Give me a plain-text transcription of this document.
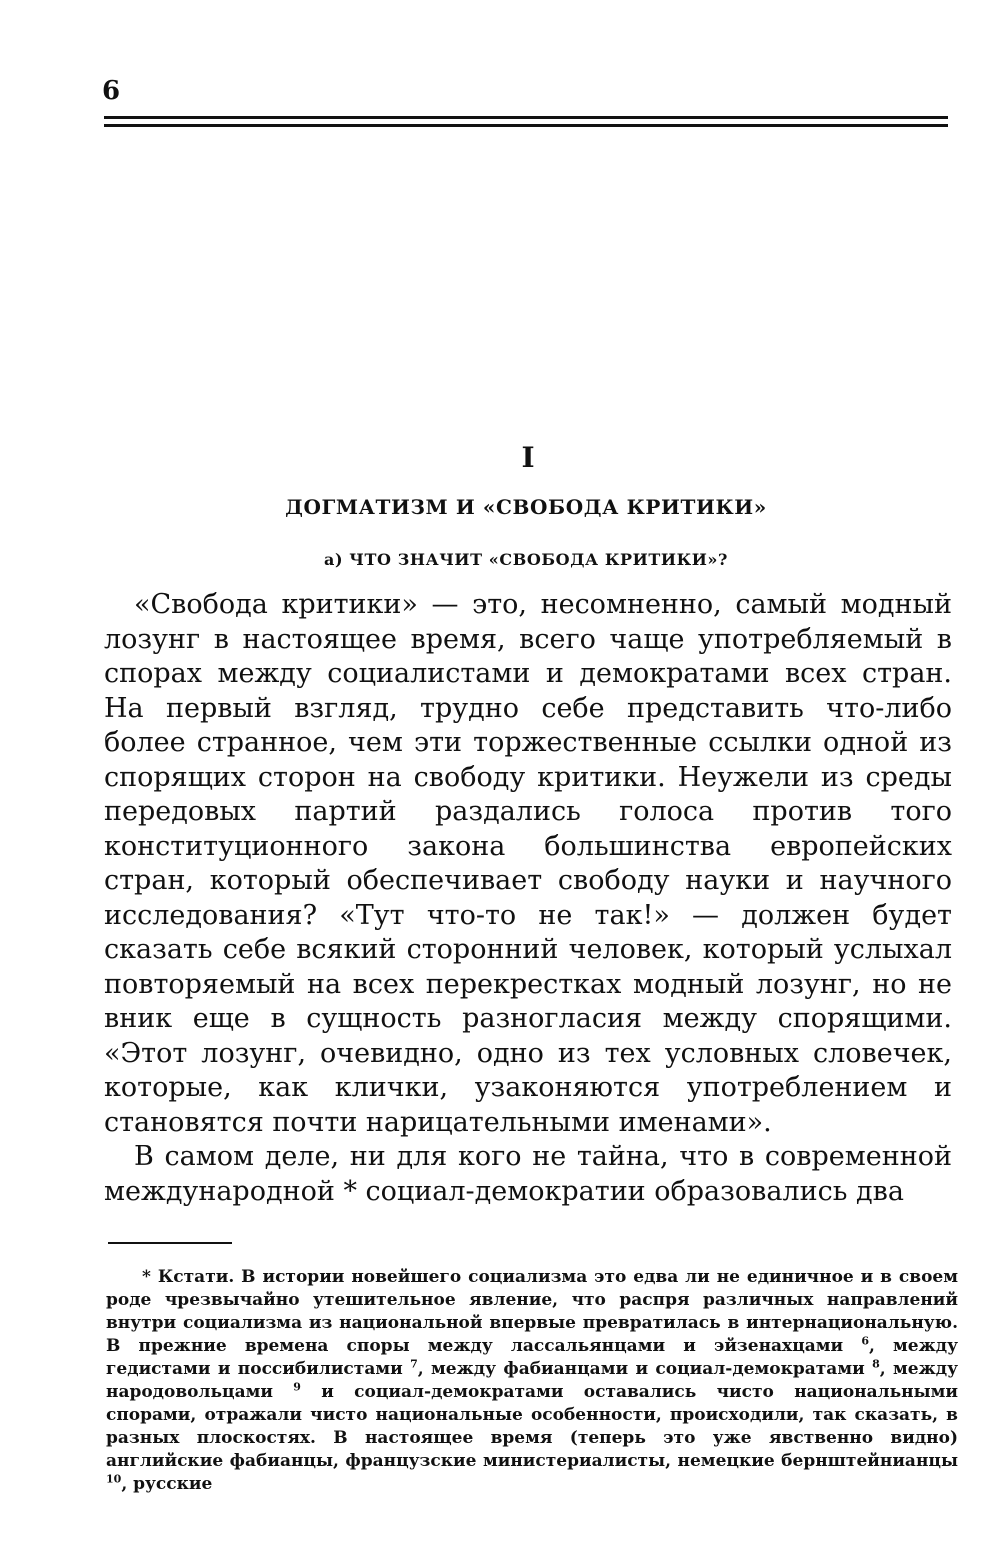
6
I
ДОГМАТИЗМ И «СВОБОДА КРИТИКИ»
а) ЧТО ЗНАЧИТ «СВОБОДА КРИТИКИ»?

«Свобода критики» — это, несомненно, самый модный лозунг в настоящее время, всего чаще употребляемый в спорах между социалистами и демократами всех стран. На первый взгляд, трудно себе представить что-либо более странное, чем эти торжественные ссылки одной из спорящих сторон на свободу критики. Неужели из среды передовых партий раздались голоса против того конституционного закона большинства европейских стран, который обеспечивает свободу науки и научного исследования? «Тут что-то не так!» — должен будет сказать себе всякий сторонний человек, который услыхал повторяемый на всех перекрестках модный лозунг, но не вник еще в сущность разногласия между спорящими. «Этот лозунг, очевидно, одно из тех условных словечек, которые, как клички, узаконяются употреблением и становятся почти нарицательными именами».

В самом деле, ни для кого не тайна, что в современной международной * социал-демократии образовались два

* Кстати. В истории новейшего социализма это едва ли не единичное и в своем роде чрезвычайно утешительное явление, что распря различных направлений внутри социализма из национальной впервые превратилась в интернациональную. В прежние времена споры между лассальянцами и эйзенахцами $^6$, между гедистами и поссибилистами $^7$, между фабианцами и социал-демократами $^8$, между народовольцами $^9$ и социал-демократами оставались чисто национальными спорами, отражали чисто национальные особенности, происходили, так сказать, в разных плоскостях. В настоящее время (теперь это уже явственно видно) английские фабианцы, французские министериалисты, немецкие бернштейнианцы $^{10}$, русские
